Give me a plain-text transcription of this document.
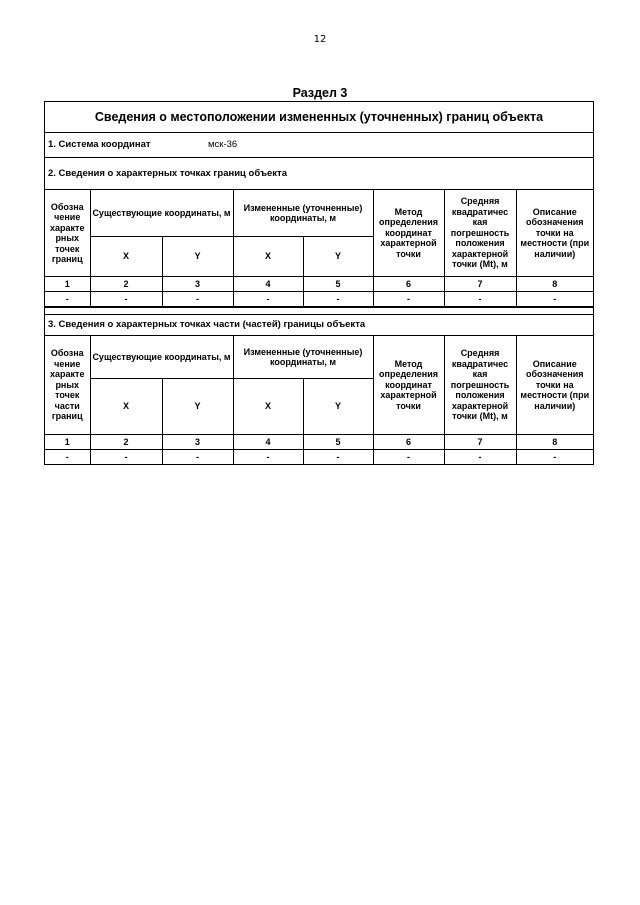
12
Раздел 3
Сведения о местоположении измененных (уточненных) границ объекта
1. Система координат	мск-36
2. Сведения о характерных точках границ объекта
Обозна чение характе рных точек границ	Существующие координаты, м		Измененные (уточненные) координаты, м		Метод определения координат характерной точки	Средняя квадратичес кая погрешность положения характерной точки (Mt), м	Описание обозначения точки на местности (при наличии)
	X	Y	X	Y			
1	2	3	4	5	6	7	8
-	-	-	-	-	-	-	-
3. Сведения о характерных точках части (частей) границы объекта
Обозна чение характе рных точек части границ	Существующие координаты, м		Измененные (уточненные) координаты, м		Метод определения координат характерной точки	Средняя квадратичес кая погрешность положения характерной точки (Mt), м	Описание обозначения точки на местности (при наличии)
	X	Y	X	Y			
1	2	3	4	5	6	7	8
-	-	-	-	-	-	-	-
